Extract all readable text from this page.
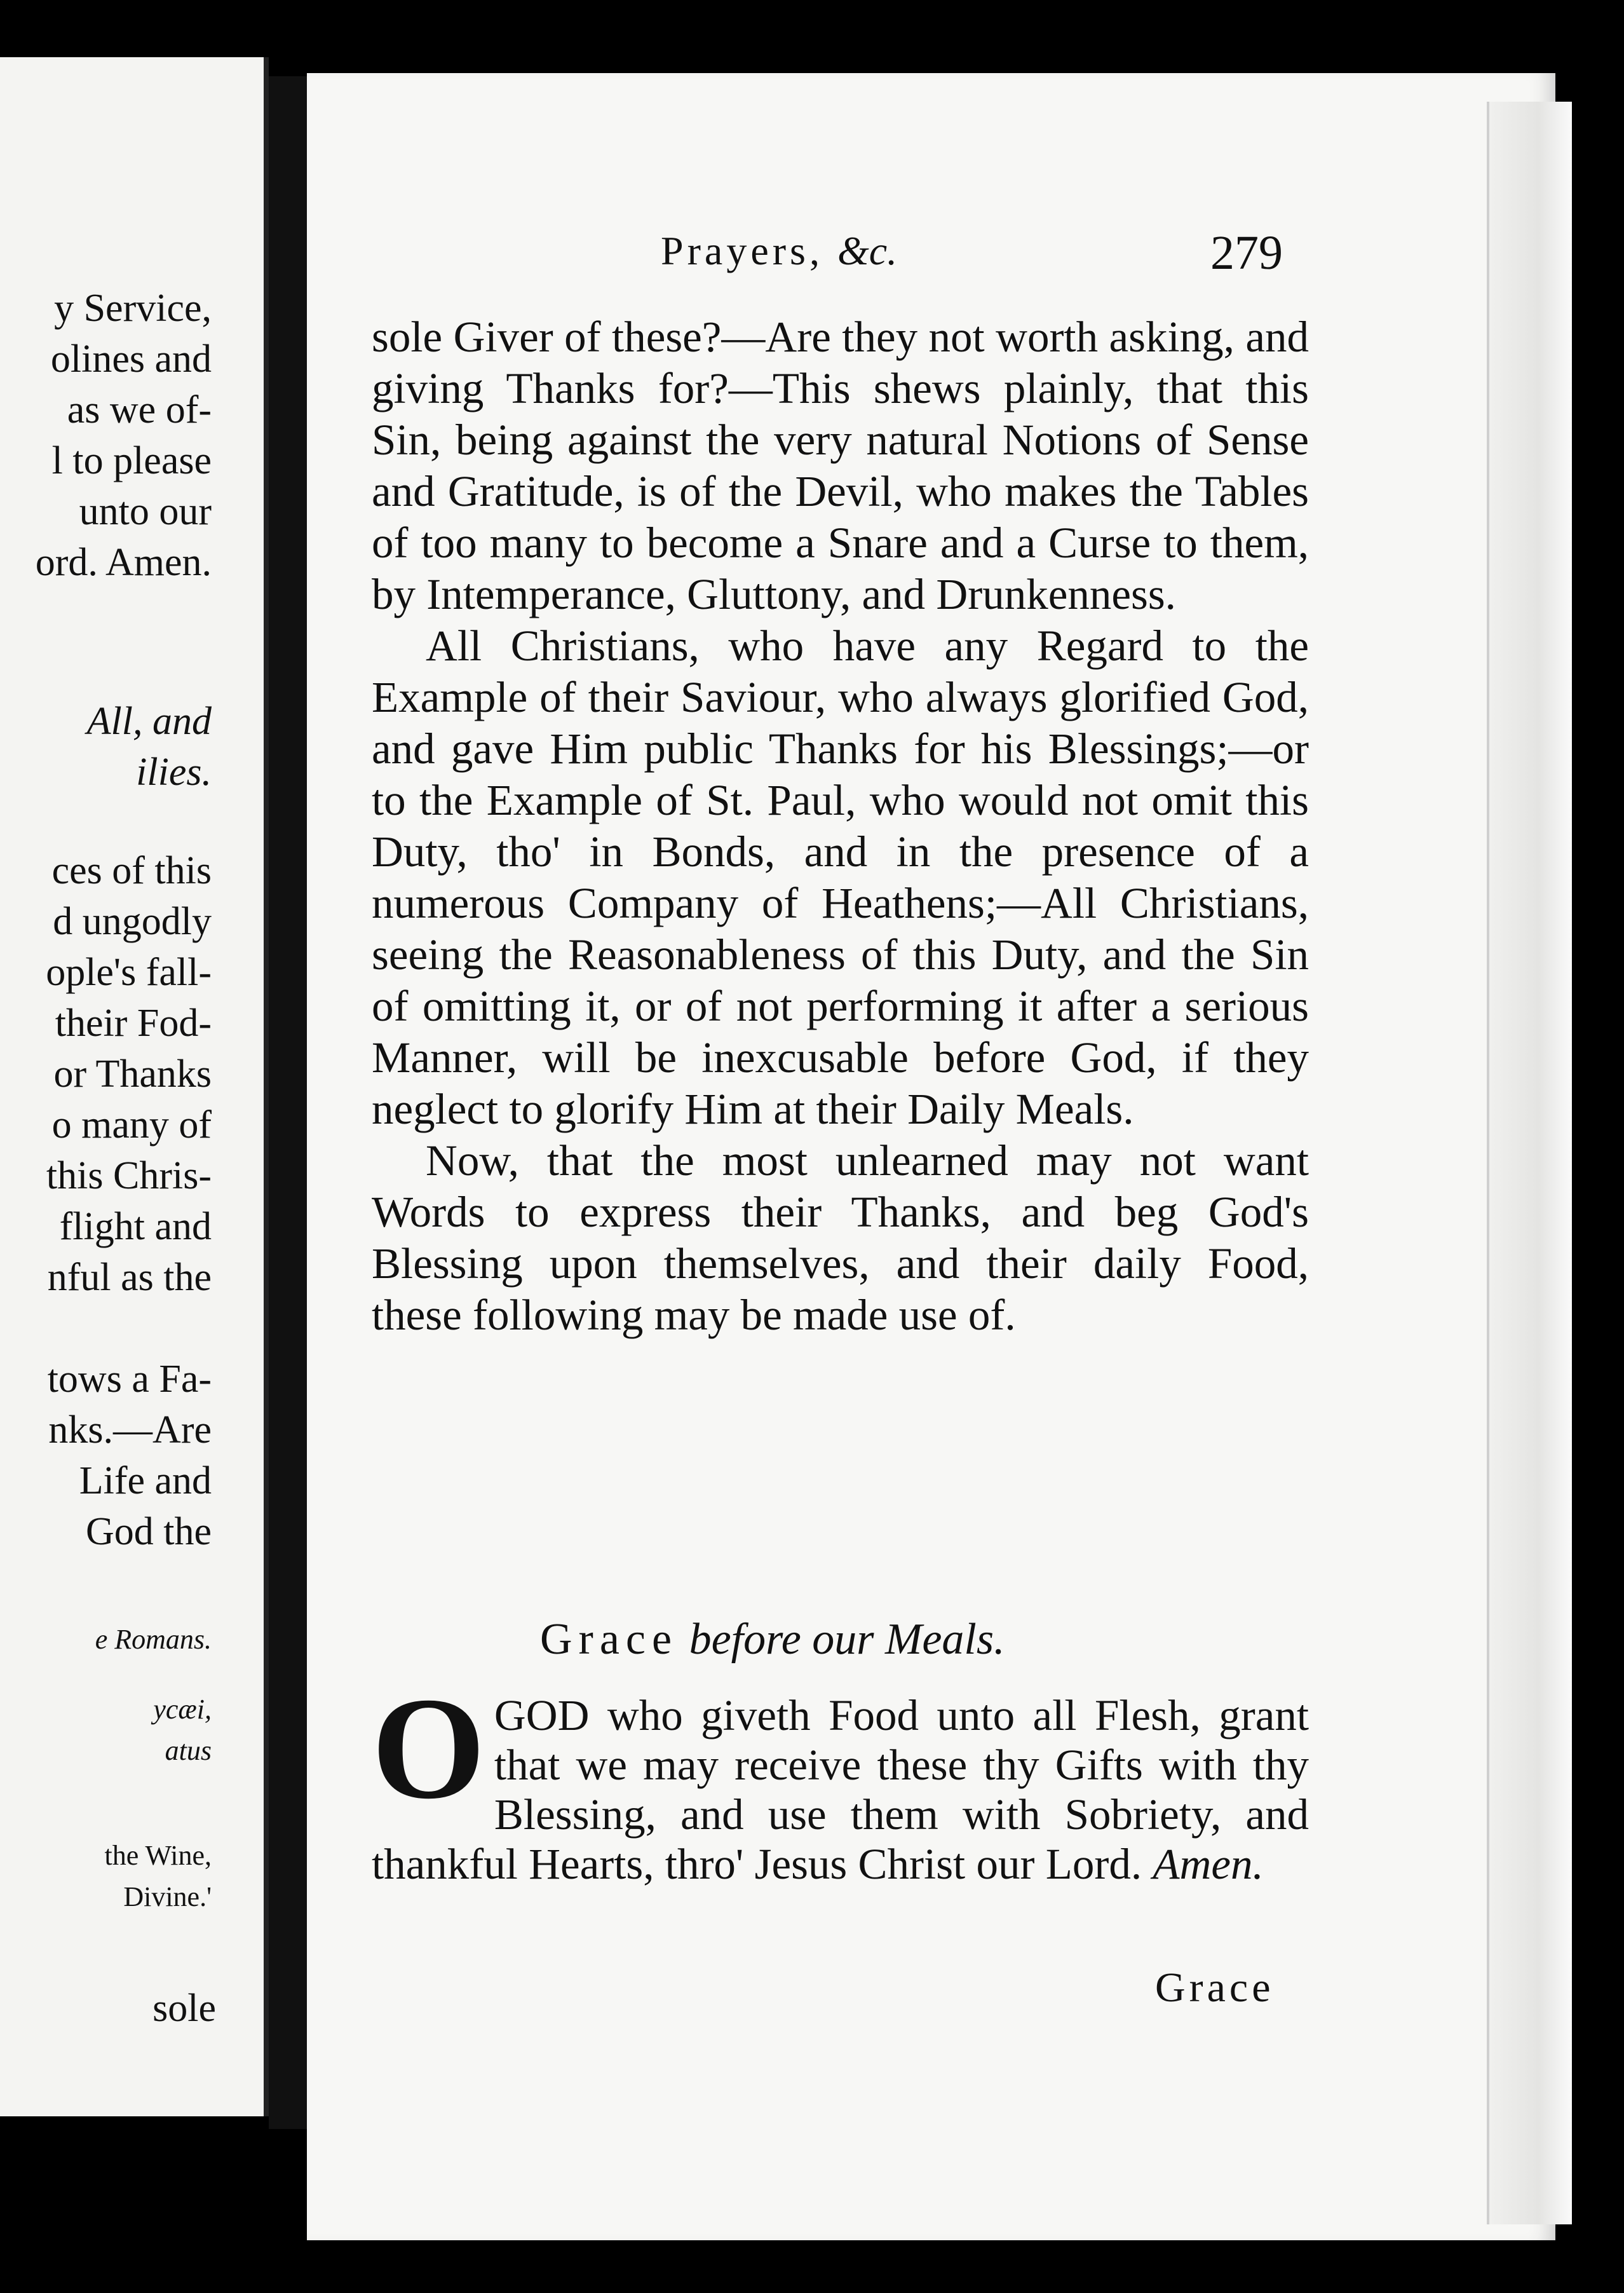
y Service,
olines and
as we of-
l to please
unto our
ord. Amen.
All, and
ilies.
ces of this
d ungodly
ople's fall-
their Fod-
or Thanks
o many of
this Chris-
flight and
nful as the
tows a Fa-
nks.—Are
Life and
God the
e Romans.
ycæi,
atus
the Wine,
Divine.'
sole
Prayers, &c.	279

sole Giver of these?—Are they not worth asking, and giving Thanks for?—This shews plainly, that this Sin, being against the very natural Notions of Sense and Gratitude, is of the Devil, who makes the Tables of too many to become a Snare and a Curse to them, by Intemperance, Gluttony, and Drunkenness.

All Christians, who have any Regard to the Example of their Saviour, who always glorified God, and gave Him public Thanks for his Blessings;—or to the Example of St. Paul, who would not omit this Duty, tho' in Bonds, and in the presence of a numerous Company of Heathens;—All Christians, seeing the Reasonableness of this Duty, and the Sin of omitting it, or of not performing it after a serious Manner, will be inexcusable before God, if they neglect to glorify Him at their Daily Meals.

Now, that the most unlearned may not want Words to express their Thanks, and beg God's Blessing upon themselves, and their daily Food, these following may be made use of.

Grace before our Meals.
O GOD who giveth Food unto all Flesh, grant that we may receive these thy Gifts with thy Blessing, and use them with Sobriety, and thankful Hearts, thro' Jesus Christ our Lord. Amen.
Grace
